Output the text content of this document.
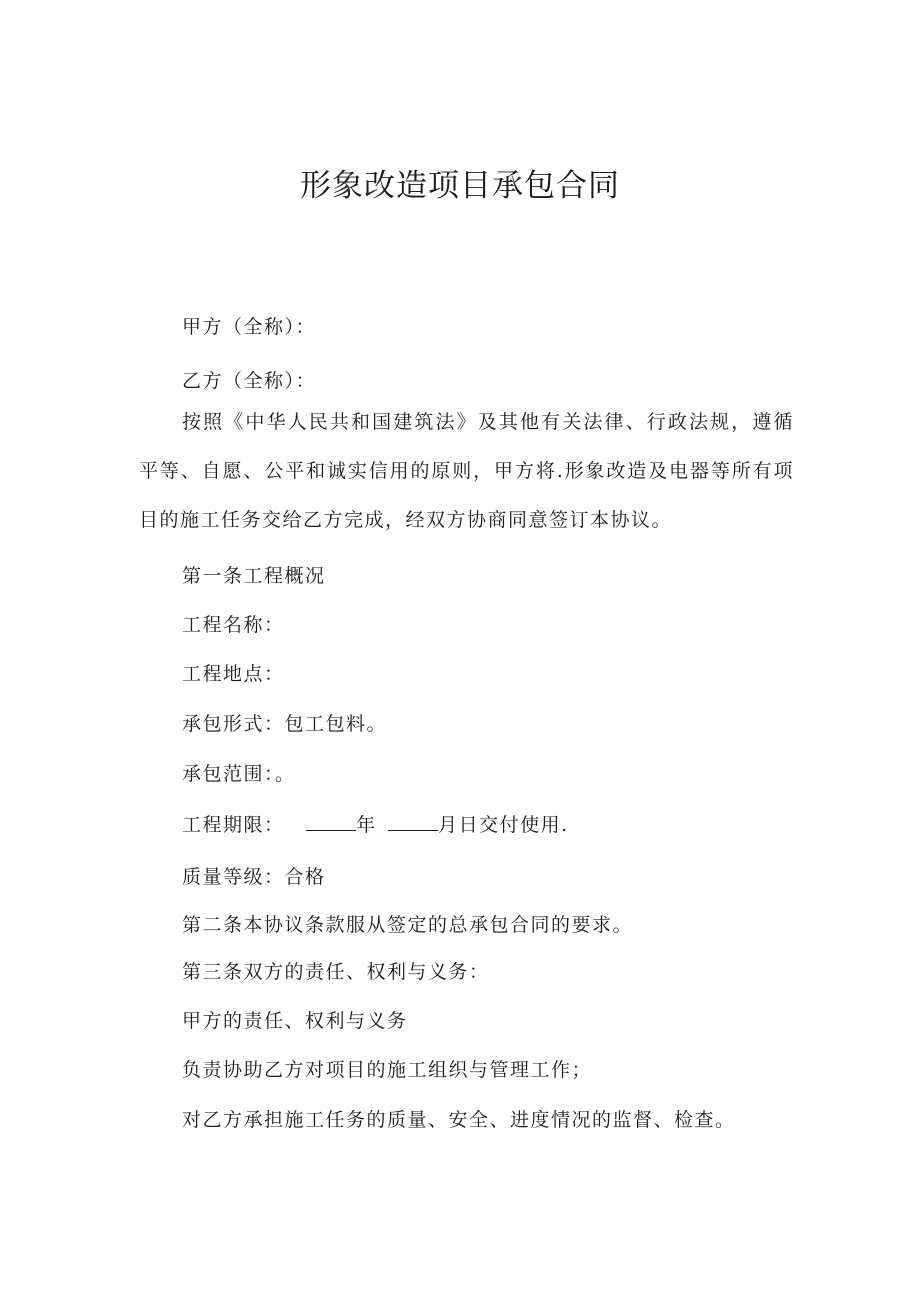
形象改造项目承包合同

甲方（全称）：

乙方（全称）：

按照《中华人民共和国建筑法》及其他有关法律、行政法规，遵循平等、自愿、公平和诚实信用的原则，甲方将.形象改造及电器等所有项目的施工任务交给乙方完成，经双方协商同意签订本协议。

第一条工程概况

工程名称：

工程地点：

承包形式：包工包料。

承包范围：。

工程期限：	年	月日交付使用.

质量等级：合格

第二条本协议条款服从签定的总承包合同的要求。

第三条双方的责任、权利与义务：

甲方的责任、权利与义务

负责协助乙方对项目的施工组织与管理工作；

对乙方承担施工任务的质量、安全、进度情况的监督、检查。
